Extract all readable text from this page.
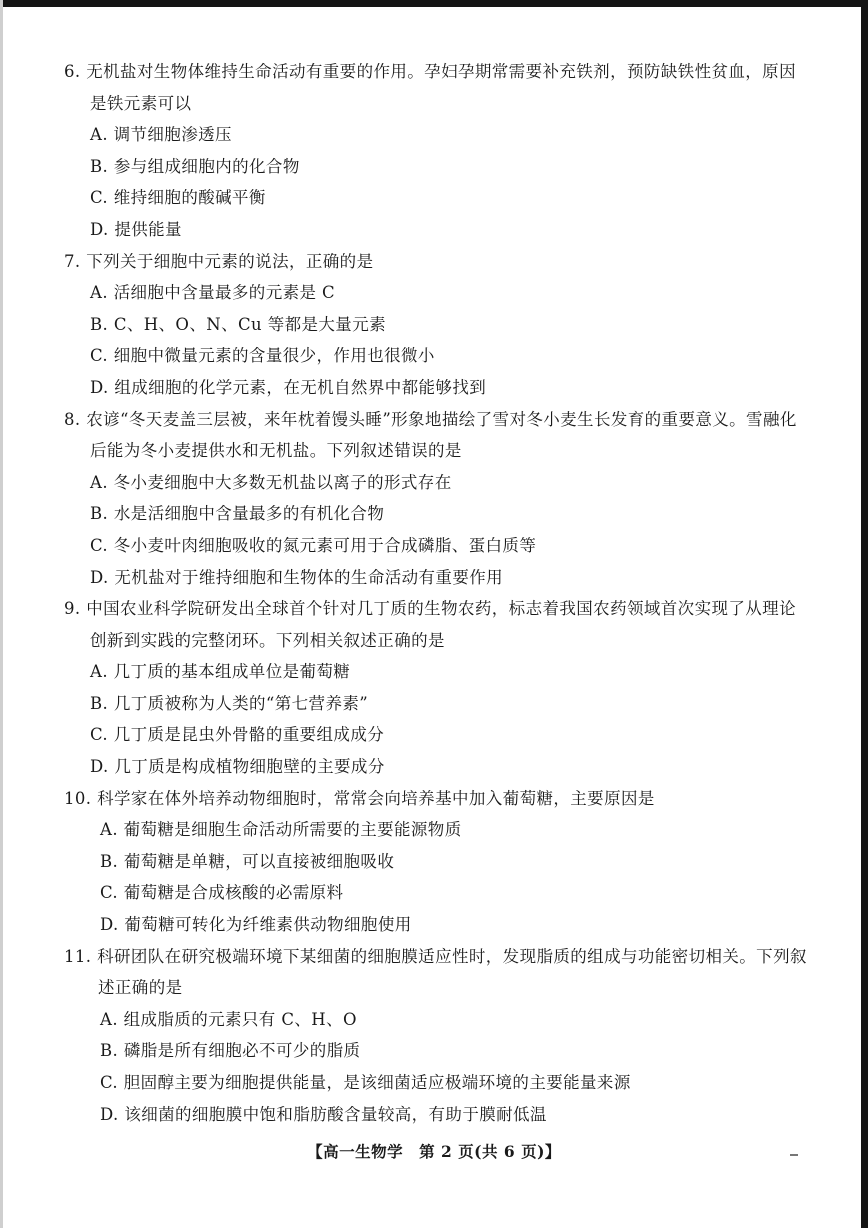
6. 无机盐对生物体维持生命活动有重要的作用。孕妇孕期常需要补充铁剂，预防缺铁性贫血，原因是铁元素可以
A. 调节细胞渗透压
B. 参与组成细胞内的化合物
C. 维持细胞的酸碱平衡
D. 提供能量
7. 下列关于细胞中元素的说法，正确的是
A. 活细胞中含量最多的元素是 C
B. C、H、O、N、Cu 等都是大量元素
C. 细胞中微量元素的含量很少，作用也很微小
D. 组成细胞的化学元素，在无机自然界中都能够找到
8. 农谚“冬天麦盖三层被，来年枕着馒头睡”形象地描绘了雪对冬小麦生长发育的重要意义。雪融化后能为冬小麦提供水和无机盐。下列叙述错误的是
A. 冬小麦细胞中大多数无机盐以离子的形式存在
B. 水是活细胞中含量最多的有机化合物
C. 冬小麦叶肉细胞吸收的氮元素可用于合成磷脂、蛋白质等
D. 无机盐对于维持细胞和生物体的生命活动有重要作用
9. 中国农业科学院研发出全球首个针对几丁质的生物农药，标志着我国农药领域首次实现了从理论创新到实践的完整闭环。下列相关叙述正确的是
A. 几丁质的基本组成单位是葡萄糖
B. 几丁质被称为人类的“第七营养素”
C. 几丁质是昆虫外骨骼的重要组成成分
D. 几丁质是构成植物细胞壁的主要成分
10. 科学家在体外培养动物细胞时，常常会向培养基中加入葡萄糖，主要原因是
A. 葡萄糖是细胞生命活动所需要的主要能源物质
B. 葡萄糖是单糖，可以直接被细胞吸收
C. 葡萄糖是合成核酸的必需原料
D. 葡萄糖可转化为纤维素供动物细胞使用
11. 科研团队在研究极端环境下某细菌的细胞膜适应性时，发现脂质的组成与功能密切相关。下列叙述正确的是
A. 组成脂质的元素只有 C、H、O
B. 磷脂是所有细胞必不可少的脂质
C. 胆固醇主要为细胞提供能量，是该细菌适应极端环境的主要能量来源
D. 该细菌的细胞膜中饱和脂肪酸含量较高，有助于膜耐低温
【高一生物学　第 2 页(共 6 页)】
